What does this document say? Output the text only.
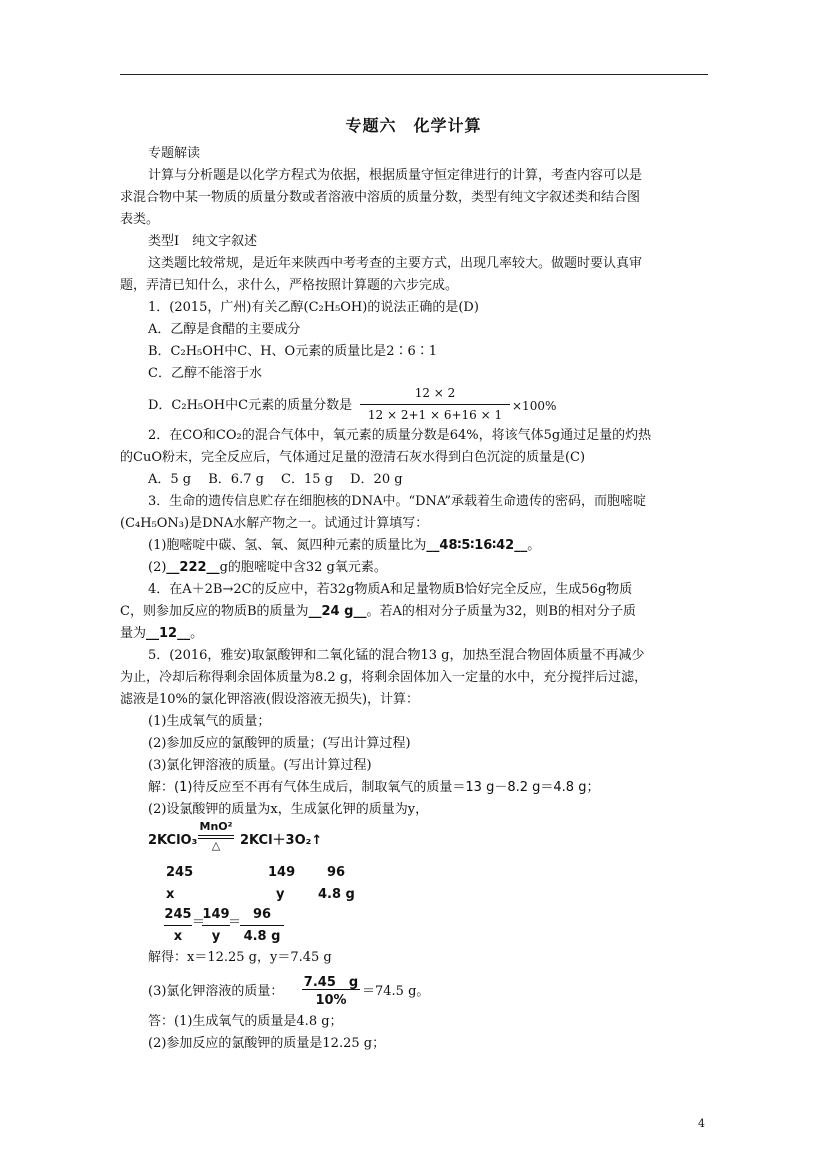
专题六　化学计算
专题解读
计算与分析题是以化学方程式为依据，根据质量守恒定律进行的计算，考查内容可以是
求混合物中某一物质的质量分数或者溶液中溶质的质量分数，类型有纯文字叙述类和结合图
表类。
类型Ⅰ　纯文字叙述
这类题比较常规，是近年来陕西中考考查的主要方式，出现几率较大。做题时要认真审
题，弄清已知什么，求什么，严格按照计算题的六步完成。
1．(2015，广州)有关乙醇(C₂H₅OH)的说法正确的是(D)
A．乙醇是食醋的主要成分
B．C₂H₅OH中C、H、O元素的质量比是2∶6∶1
C．乙醇不能溶于水
D．C₂H₅OH中C元素的质量分数是
12 × 2
12 × 2+1 × 6+16 × 1
×100%
2．在CO和CO₂的混合气体中，氧元素的质量分数是64%，将该气体5g通过足量的灼热
的CuO粉末，完全反应后，气体通过足量的澄清石灰水得到白色沉淀的质量是(C)
A．5 g　 B．6.7 g　 C．15 g　 D．20 g
3．生命的遗传信息贮存在细胞核的DNA中。“DNA”承载着生命遗传的密码，而胞嘧啶
(C₄H₅ON₃)是DNA水解产物之一。试通过计算填写：
(1)胞嘧啶中碳、氢、氧、氮四种元素的质量比为__48∶5∶16∶42__。
(2)__222__g的胞嘧啶中含32 g氧元素。
4．在A＋2B→2C的反应中，若32g物质A和足量物质B恰好完全反应，生成56g物质
C，则参加反应的物质B的质量为__24 g__。若A的相对分子质量为32，则B的相对分子质
量为__12__。
5．(2016，雅安)取氯酸钾和二氧化锰的混合物13 g，加热至混合物固体质量不再减少
为止，冷却后称得剩余固体质量为8.2 g，将剩余固体加入一定量的水中，充分搅拌后过滤，
滤液是10%的氯化钾溶液(假设溶液无损失)，计算：
(1)生成氧气的质量；
(2)参加反应的氯酸钾的质量；(写出计算过程)
(3)氯化钾溶液的质量。(写出计算过程)
解：(1)待反应至不再有气体生成后，制取氧气的质量＝13 g－8.2 g＝4.8 g；
(2)设氯酸钾的质量为x，生成氯化钾的质量为y，
2KClO₃
MnO²
△	2KCl＋3O₂↑
245	149 96
x	y	4.8 g
245
x
＝
149
y
＝
96
4.8 g
解得：x＝12.25 g，y＝7.45 g
(3)氯化钾溶液的质量：
7.45　g
10%
＝74.5 g。
答：(1)生成氧气的质量是4.8 g；
(2)参加反应的氯酸钾的质量是12.25 g；
4
